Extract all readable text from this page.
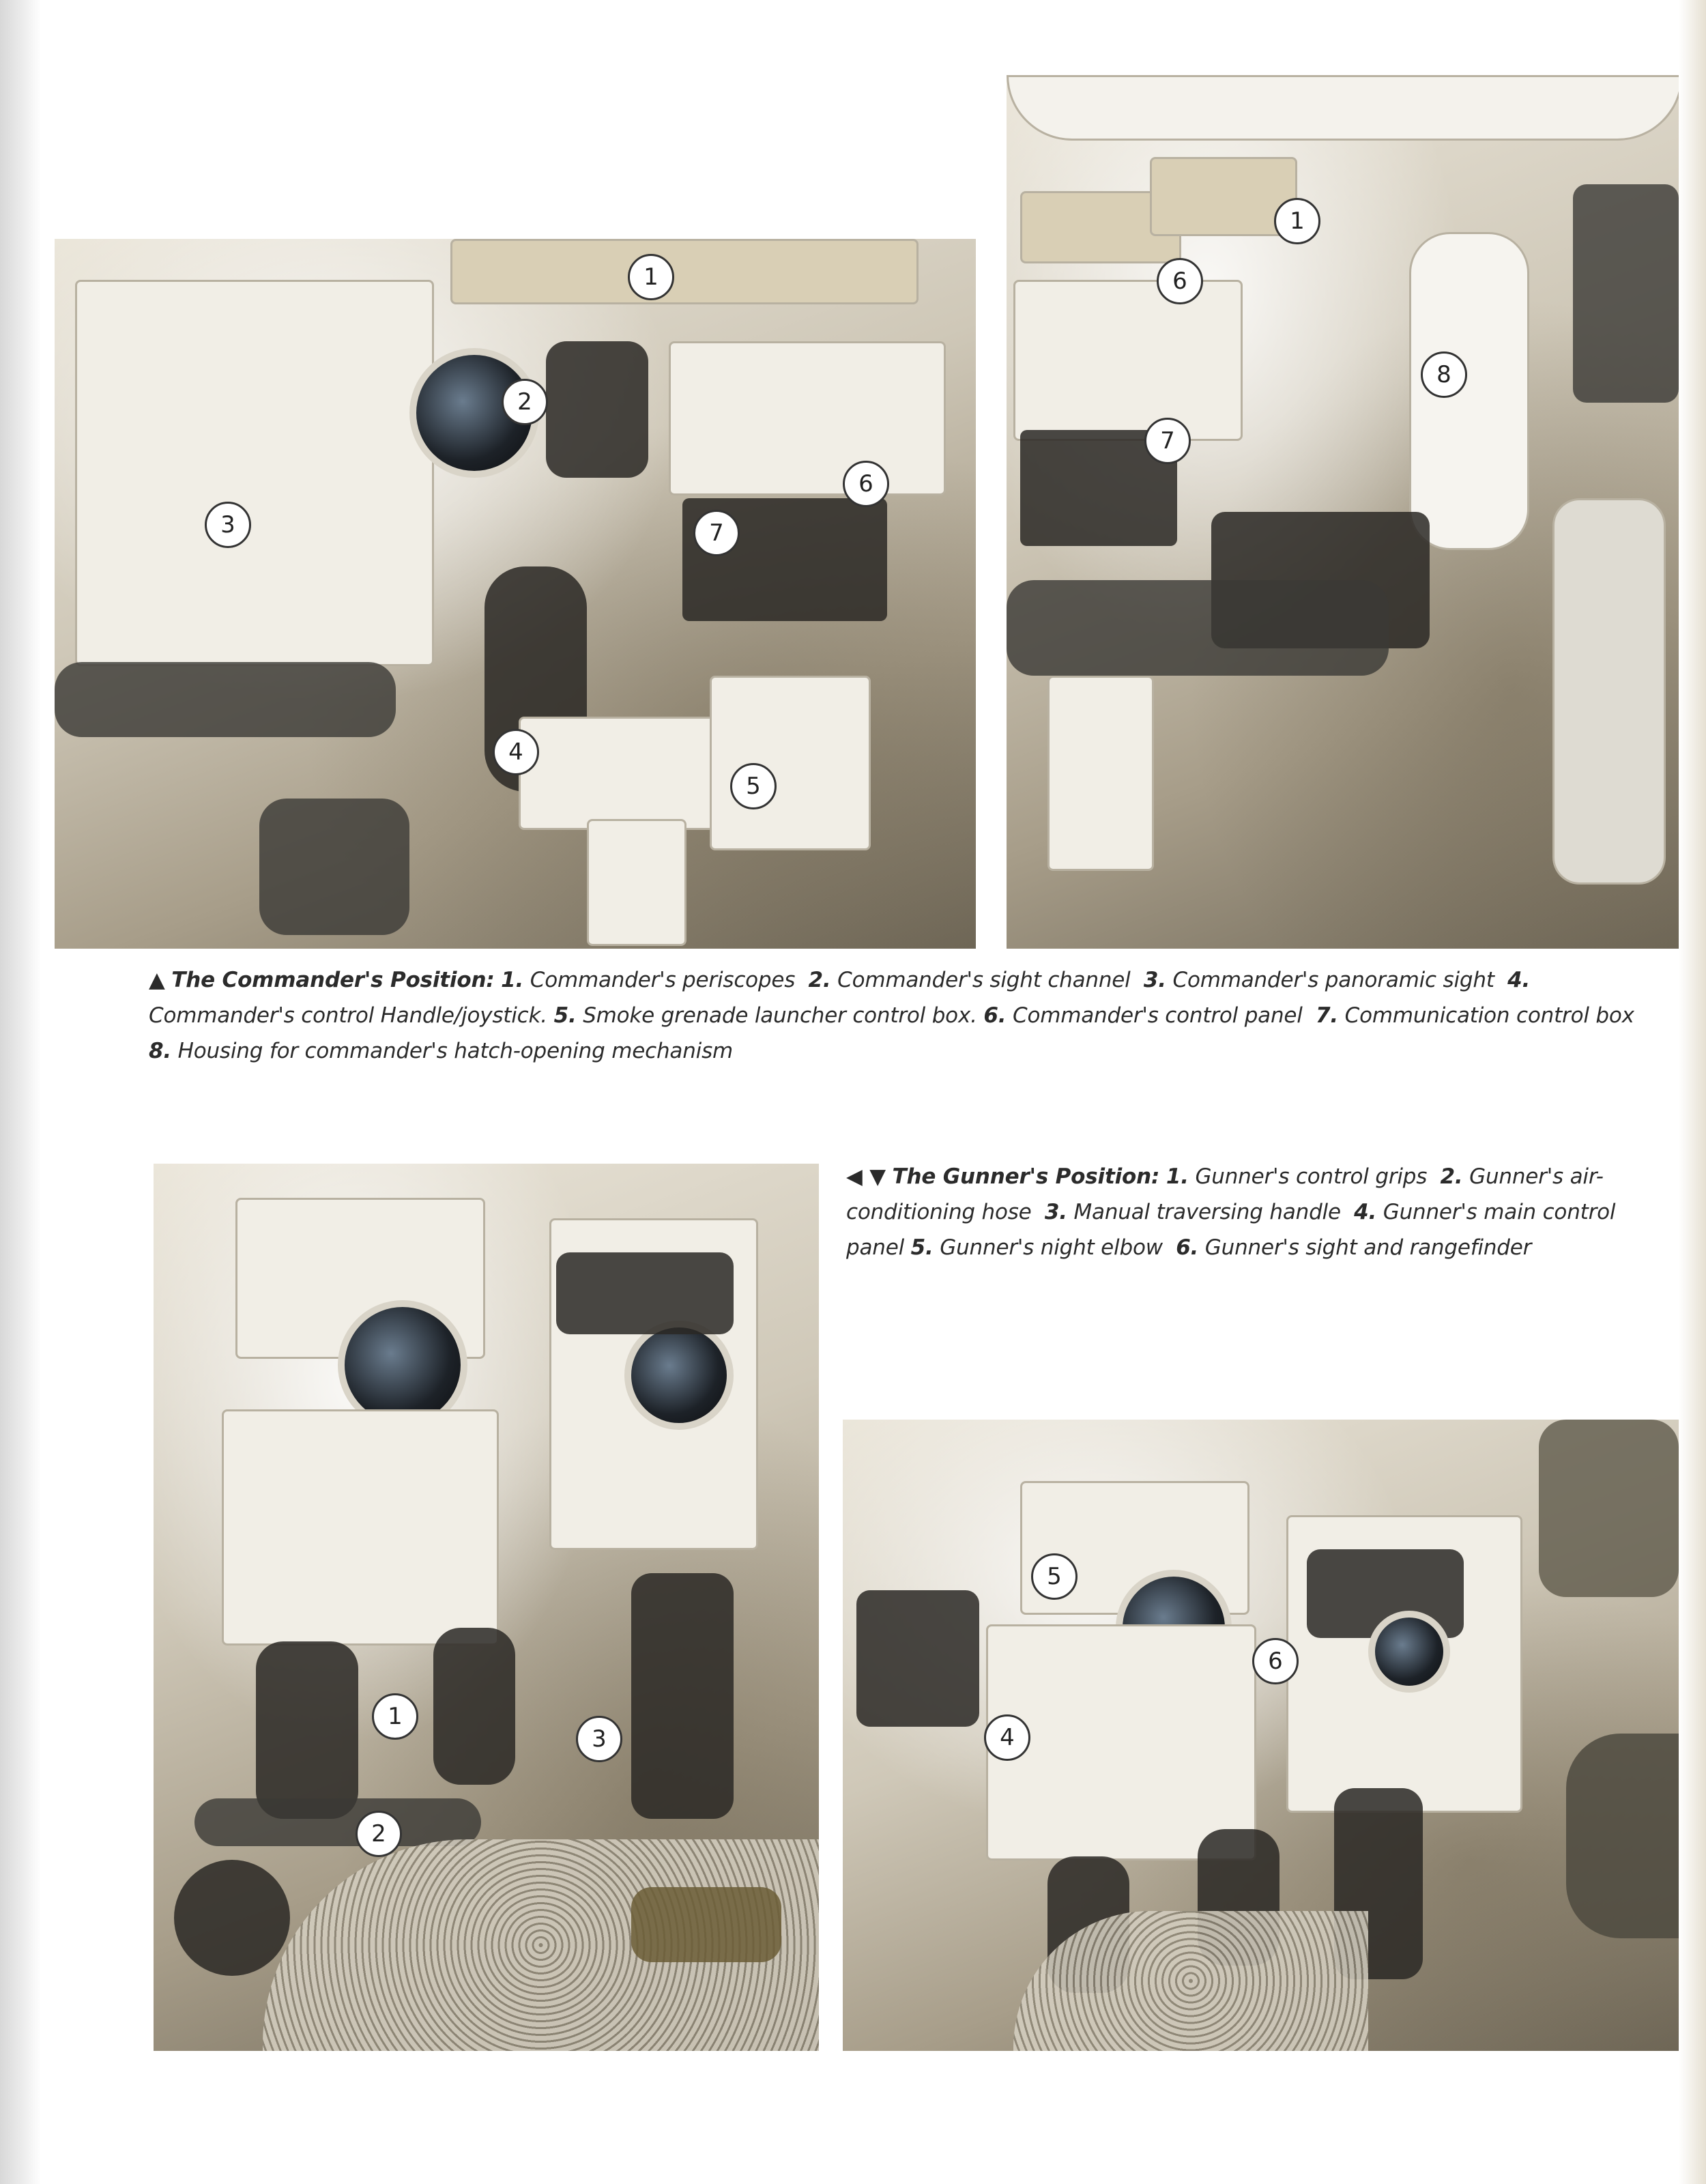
1
2
3
4
5
6
7
1
6
7
8
▲ The Commander's Position: 1. Commander's periscopes 2. Commander's sight channel 3. Commander's panoramic sight 4. Commander's control Handle/joystick. 5. Smoke grenade launcher control box. 6. Commander's control panel 7. Communication control box  8. Housing for commander's hatch-opening mechanism
1
2
3
◀ ▼ The Gunner's Position: 1. Gunner's control grips 2. Gunner's air-conditioning hose 3. Manual traversing handle 4. Gunner's main control panel 5. Gunner's night elbow 6. Gunner's sight and rangefinder
4
5
6
